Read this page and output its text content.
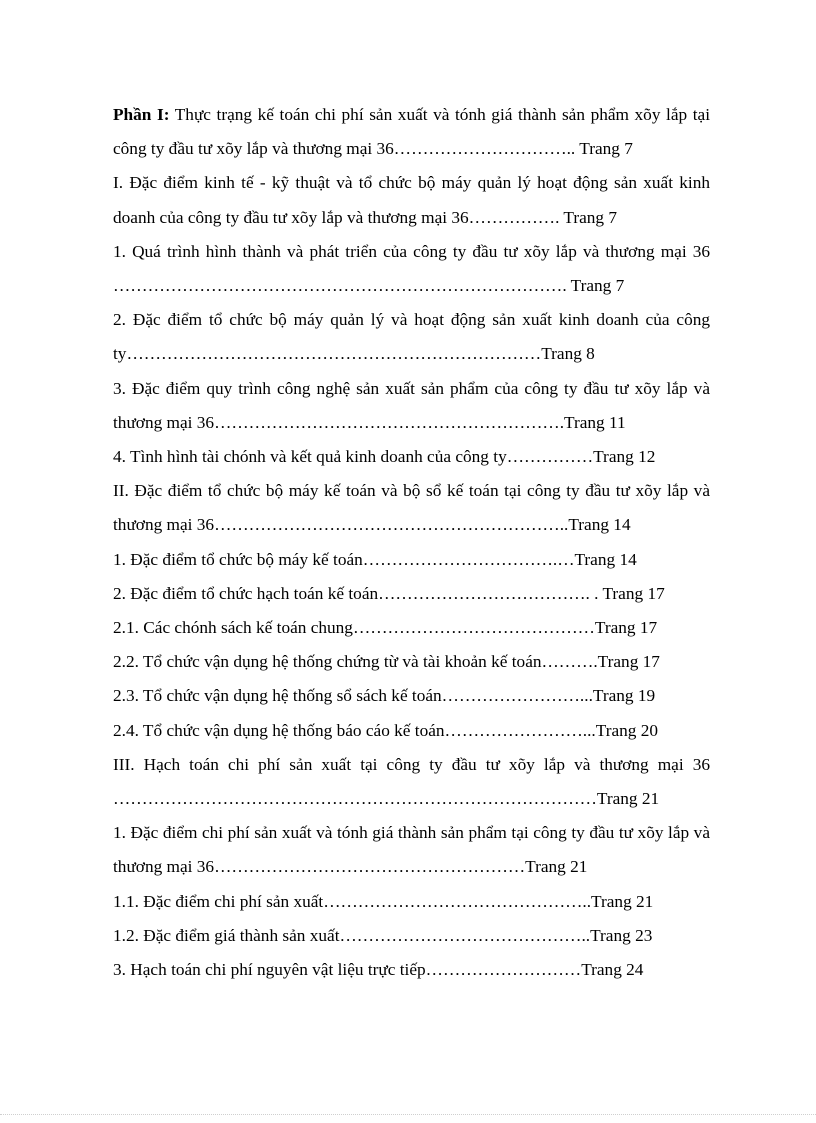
Phần I: Thực trạng kế toán chi phí sản xuất và tónh giá thành sản phẩm xõy lắp tại công ty đầu tư xõy lắp và thương mại 36………………………….. Trang 7

I. Đặc điểm kinh tế - kỹ thuật và tổ chức bộ máy quản lý hoạt động sản xuất kinh doanh của công ty đầu tư xõy lắp và thương mại 36……………. Trang 7

1. Quá trình hình thành và phát triển của công ty đầu tư xõy lắp và thương mại 36 ……………………………………………………………………. Trang 7

2. Đặc điểm tổ chức bộ máy quản lý và hoạt động sản xuất kinh doanh của công ty………………………………………………………………Trang 8

3. Đặc điểm quy trình công nghệ sản xuất sản phẩm của công ty đầu tư xõy lắp và thương mại 36…………………………………………………….Trang 11

4. Tình hình tài chónh và kết quả kinh doanh của công ty……………Trang 12

II. Đặc điểm tổ chức bộ máy kế toán và bộ sổ kế toán tại công ty đầu tư xõy lắp và thương mại 36……………………………………………………..Trang 14

1. Đặc điểm tổ chức bộ máy kế toán…………………………….…Trang 14

2. Đặc điểm tổ chức hạch toán kế toán………………………………. . Trang 17

2.1. Các chónh sách kế toán chung……………………………………Trang 17

2.2. Tổ chức vận dụng hệ thống chứng từ và tài khoản kế toán……….Trang 17

2.3. Tổ chức vận dụng hệ thống sổ sách kế toán……………………...Trang 19

2.4. Tổ chức vận dụng hệ thống báo cáo kế toán……………………...Trang 20

III. Hạch toán chi phí sản xuất tại công ty đầu tư xõy lắp và thương mại 36 …………………………………………………………………………Trang 21

1. Đặc điểm chi phí sản xuất và tónh giá thành sản phẩm tại công ty đầu tư xõy lắp và thương mại 36………………………………………………Trang 21

1.1. Đặc điểm chi phí sản xuất………………………………………..Trang 21

1.2. Đặc điểm giá thành sản xuất……………………………………..Trang 23

3. Hạch toán chi phí nguyên vật liệu trực tiếp………………………Trang 24
